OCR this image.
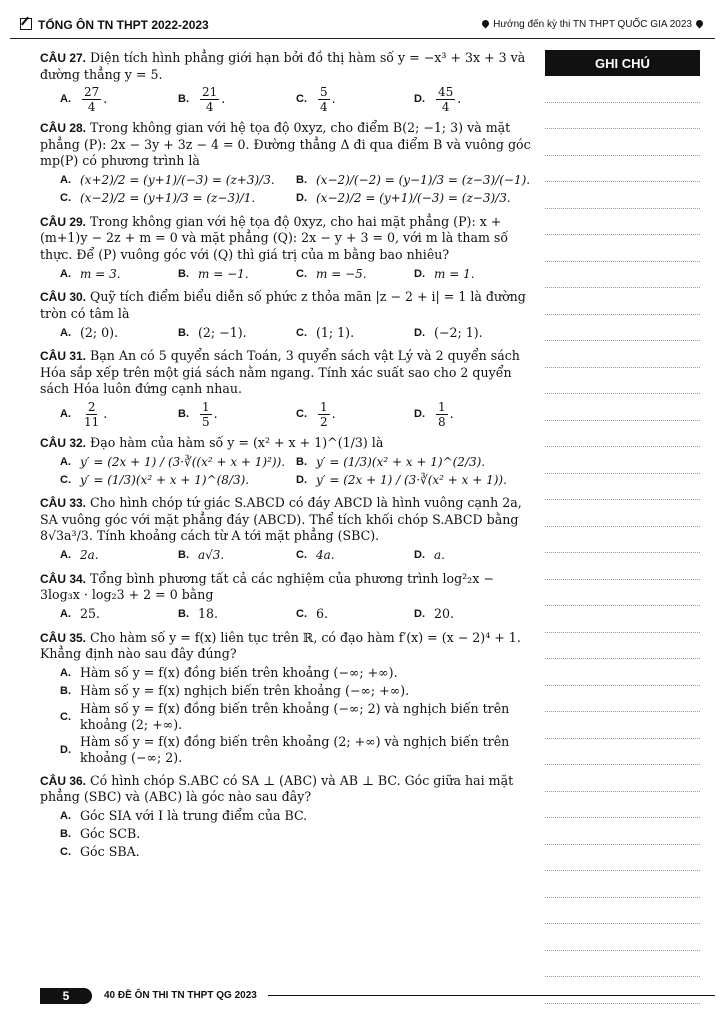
TỔNG ÔN TN THPT 2022-2023	Hướng đến kỳ thi TN THPT QUỐC GIA 2023
CÂU 27. Diện tích hình phẳng giới hạn bởi đồ thị hàm số y = −x³ + 3x + 3 và đường thẳng y = 5.
A. $\frac{27}{4}$ .	B. $\frac{21}{4}$ .	C. $\frac{5}{4}$ .	D. $\frac{45}{4}$ .
CÂU 28. Trong không gian với hệ tọa độ 0xyz, cho điểm B(2; −1; 3) và mặt phẳng (P): 2x − 3y + 3z − 4 = 0. Đường thẳng Δ đi qua điểm B và vuông góc mp(P) có phương trình là
A. (x+2)/2 = (y+1)/(−3) = (z+3)/3. B. (x−2)/(−2) = (y−1)/3 = (z−3)/(−1).
C. (x−2)/2 = (y+1)/3 = (z−3)/1.	D. (x−2)/2 = (y+1)/(−3) = (z−3)/3.
CÂU 29. Trong không gian với hệ tọa độ 0xyz, cho hai mặt phẳng (P): x + (m+1)y − 2z + m = 0 và mặt phẳng (Q): 2x − y + 3 = 0, với m là tham số thực. Để (P) vuông góc với (Q) thì giá trị của m bằng bao nhiêu?
A. m = 3.	B. m = −1.	C. m = −5.	D. m = 1.
CÂU 30. Quỹ tích điểm biểu diễn số phức z thỏa mãn |z − 2 + i| = 1 là đường tròn có tâm là
A. (2; 0).	B. (2; −1).	C. (1; 1).	D. (−2; 1).
CÂU 31. Bạn An có 5 quyển sách Toán, 3 quyển sách vật Lý và 2 quyển sách Hóa sắp xếp trên một giá sách nằm ngang. Tính xác suất sao cho 2 quyển sách Hóa luôn đứng cạnh nhau.
A. $\frac{2}{11}$ .	B. $\frac{1}{5}$ .	C. $\frac{1}{2}$ .	D. $\frac{1}{8}$ .
CÂU 32. Đạo hàm của hàm số y = (x² + x + 1)^(1/3) là
A. y′ = (2x + 1) / (3·∛((x² + x + 1)²)). B. y′ = (1/3)(x² + x + 1)^(2/3).
C. y′ = (1/3)(x² + x + 1)^(8/3).	D. y′ = (2x + 1) / (3·∛(x² + x + 1)).
CÂU 33. Cho hình chóp tứ giác S.ABCD có đáy ABCD là hình vuông cạnh 2a, SA vuông góc với mặt phẳng đáy (ABCD). Thể tích khối chóp S.ABCD bằng 8√3a³/3. Tính khoảng cách từ A tới mặt phẳng (SBC).
A. 2a.	B. a√3.	C. 4a.	D. a.
CÂU 34. Tổng bình phương tất cả các nghiệm của phương trình log²₂x − 3log₃x · log₂3 + 2 = 0 bằng
A. 25.	B. 18.	C. 6.	D. 20.
CÂU 35. Cho hàm số y = f(x) liên tục trên ℝ, có đạo hàm f′(x) = (x − 2)⁴ + 1. Khẳng định nào sau đây đúng?
A. Hàm số y = f(x) đồng biến trên khoảng (−∞; +∞).
B. Hàm số y = f(x) nghịch biến trên khoảng (−∞; +∞).
C.
Hàm số y = f(x) đồng biến trên khoảng (−∞; 2) và nghịch biến trên khoảng (2; +∞).
D.
Hàm số y = f(x) đồng biến trên khoảng (2; +∞) và nghịch biến trên khoảng (−∞; 2).
CÂU 36. Có hình chóp S.ABC có SA ⊥ (ABC) và AB ⊥ BC. Góc giữa hai mặt phẳng (SBC) và (ABC) là góc nào sau đây?
A. Góc SIA với I là trung điểm của BC.
B. Góc SCB.
C. Góc SBA.
GHI CHÚ
5	40 ĐỀ ÔN THI TN THPT QG 2023
